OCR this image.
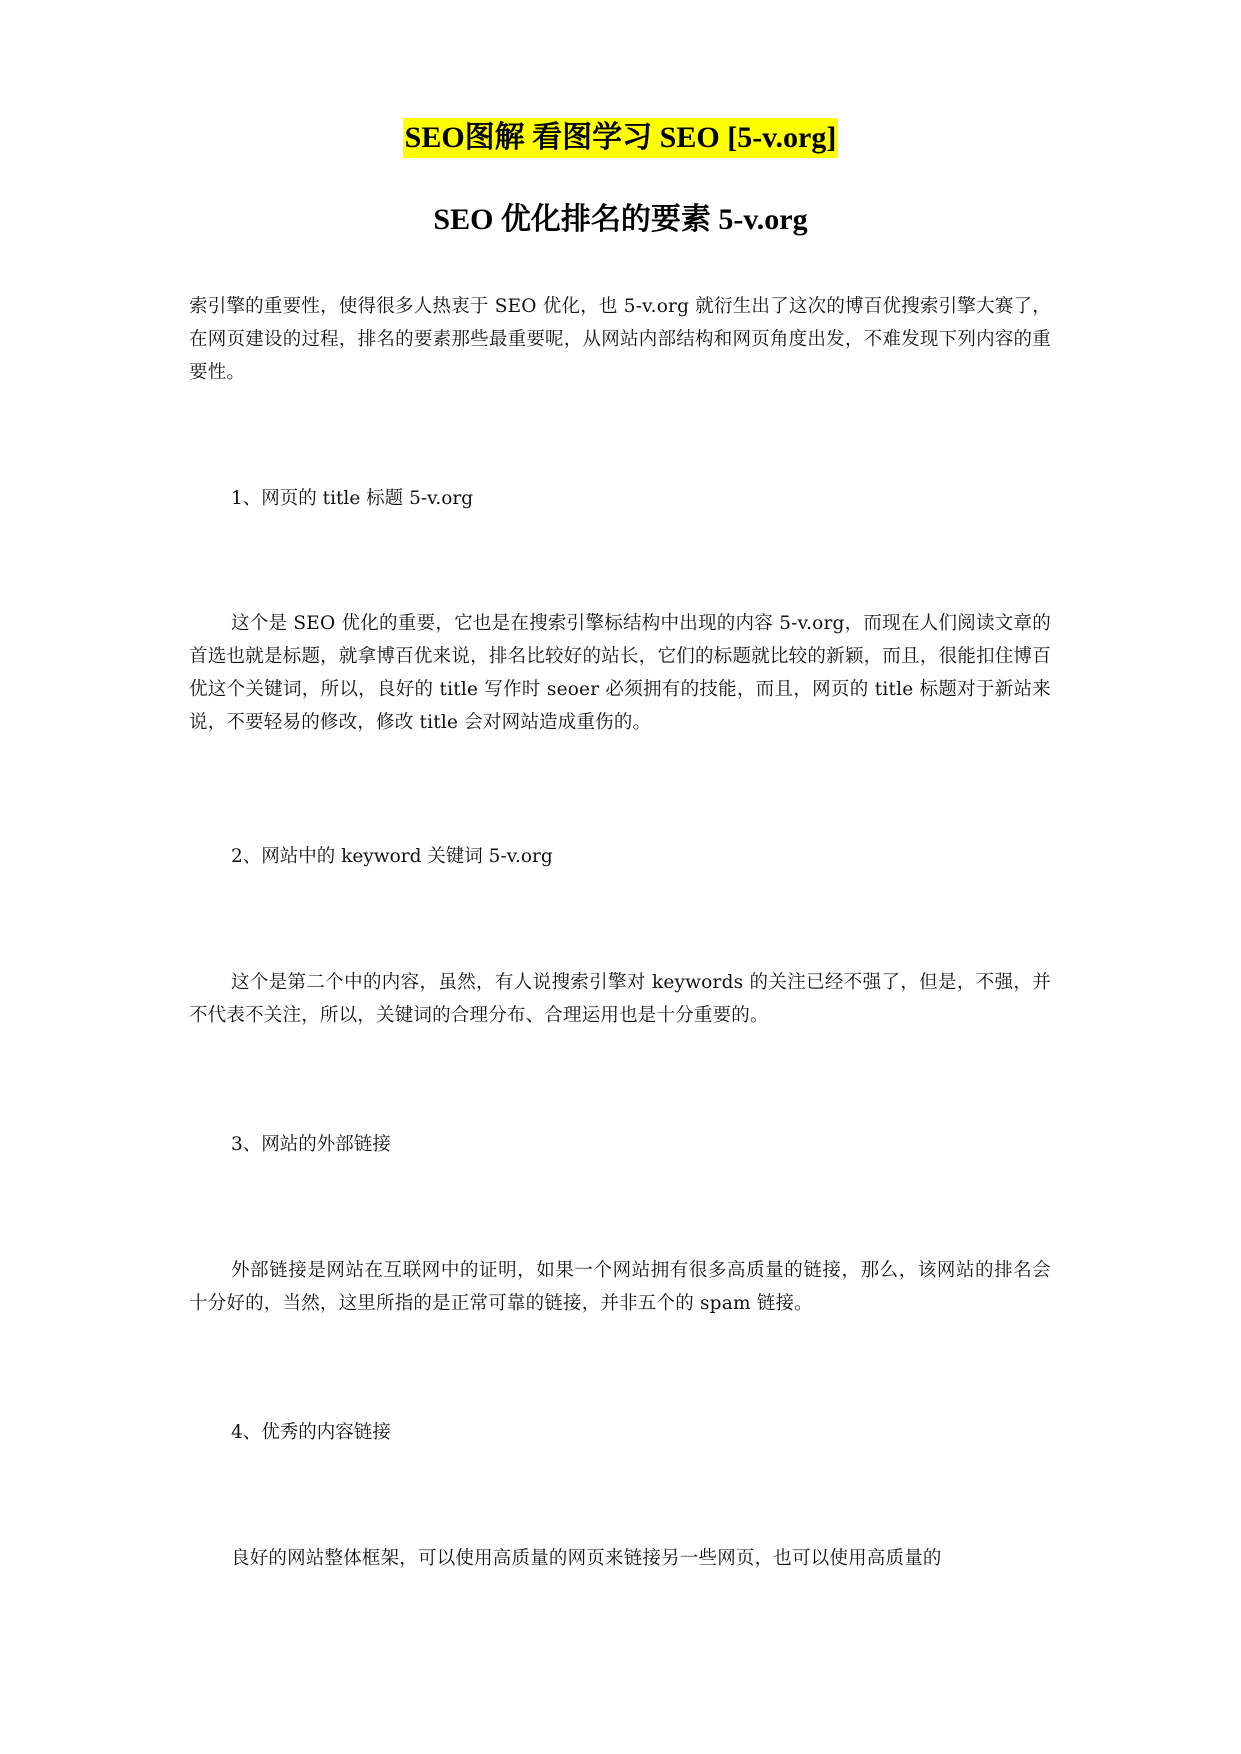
SEO图解 看图学习 SEO [5-v.org]
SEO 优化排名的要素 5-v.org
索引擎的重要性，使得很多人热衷于 SEO 优化，也 5-v.org 就衍生出了这次的博百优搜索引擎大赛了，在网页建设的过程，排名的要素那些最重要呢，从网站内部结构和网页角度出发，不难发现下列内容的重要性。
1、网页的 title 标题 5-v.org
这个是 SEO 优化的重要，它也是在搜索引擎标结构中出现的内容 5-v.org，而现在人们阅读文章的首选也就是标题，就拿博百优来说，排名比较好的站长，它们的标题就比较的新颖，而且，很能扣住博百优这个关键词，所以，良好的 title 写作时 seoer 必须拥有的技能，而且，网页的 title 标题对于新站来说，不要轻易的修改，修改 title 会对网站造成重伤的。
2、网站中的 keyword 关键词 5-v.org
这个是第二个中的内容，虽然，有人说搜索引擎对 keywords 的关注已经不强了，但是，不强，并不代表不关注，所以，关键词的合理分布、合理运用也是十分重要的。
3、网站的外部链接
外部链接是网站在互联网中的证明，如果一个网站拥有很多高质量的链接，那么，该网站的排名会十分好的，当然，这里所指的是正常可靠的链接，并非五个的 spam 链接。
4、优秀的内容链接
良好的网站整体框架，可以使用高质量的网页来链接另一些网页，也可以使用高质量的
